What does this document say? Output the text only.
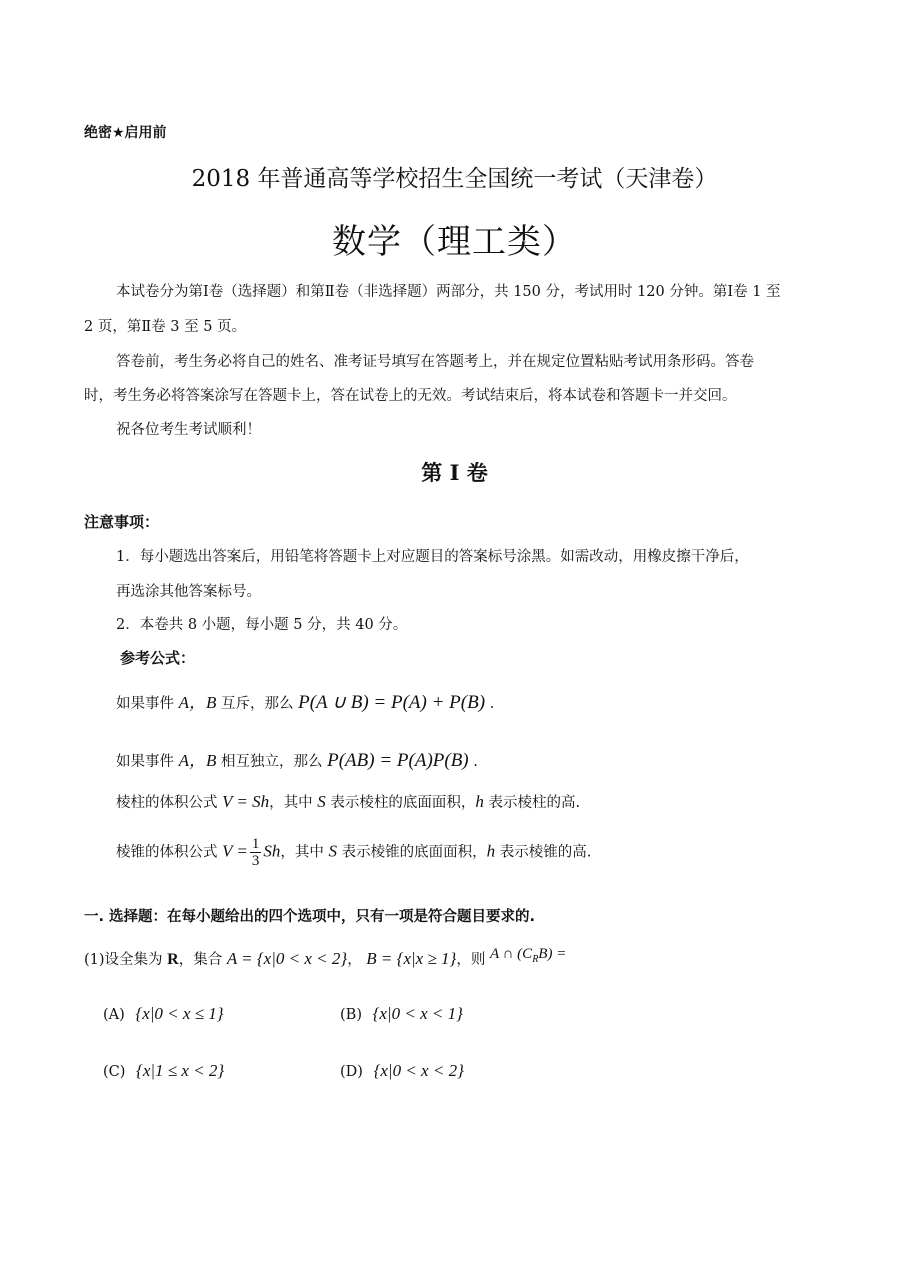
绝密★启用前
2018 年普通高等学校招生全国统一考试（天津卷）
数学（理工类）
本试卷分为第Ⅰ卷（选择题）和第Ⅱ卷（非选择题）两部分，共 150 分，考试用时 120 分钟。第Ⅰ卷 1 至
2 页，第Ⅱ卷 3 至 5 页。
答卷前，考生务必将自己的姓名、准考证号填写在答题考上，并在规定位置粘贴考试用条形码。答卷
时，考生务必将答案涂写在答题卡上，答在试卷上的无效。考试结束后，将本试卷和答题卡一并交回。
祝各位考生考试顺利！
第 I 卷
注意事项：
1．每小题选出答案后，用铅笔将答题卡上对应题目的答案标号涂黑。如需改动，用橡皮擦干净后，
再选涂其他答案标号。
2．本卷共 8 小题，每小题 5 分，共 40 分。
参考公式：
如果事件 A，B 互斥，那么 P(A ∪ B) = P(A) + P(B) .
如果事件 A，B 相互独立，那么 P(AB) = P(A)P(B) .
棱柱的体积公式 V = Sh，其中 S 表示棱柱的底面面积，h 表示棱柱的高.
棱锥的体积公式 $V = \frac{1}{3}$ Sh，其中 S 表示棱锥的底面面积，h 表示棱锥的高.
一. 选择题：在每小题给出的四个选项中，只有一项是符合题目要求的.
(1)设全集为 R，集合 A = {x|0 < x < 2}， B = {x|x ≥ 1}，则 A ∩ $(C_RB)$ =
(A) {x|0 < x ≤ 1}	(B) {x|0 < x < 1}
(C) {x|1 ≤ x < 2}	(D) {x|0 < x < 2}
